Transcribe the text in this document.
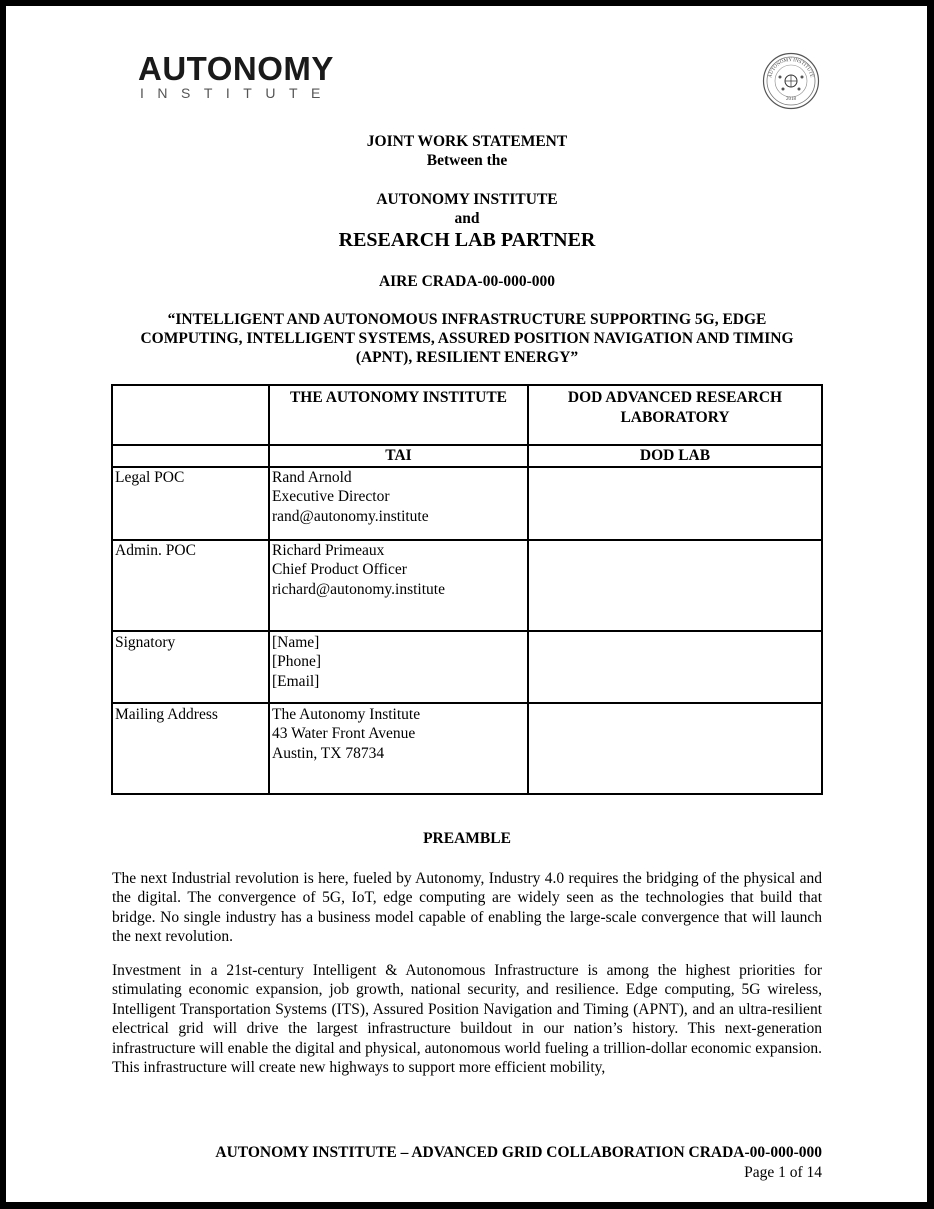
AUTONOMY
INSTITUTE
AUTONOMY INSTITUTE
2018
JOINT WORK STATEMENT
Between the
AUTONOMY INSTITUTE
and
RESEARCH LAB PARTNER
AIRE CRADA-00-000-000
“INTELLIGENT AND AUTONOMOUS INFRASTRUCTURE SUPPORTING 5G, EDGE
COMPUTING, INTELLIGENT SYSTEMS, ASSURED POSITION NAVIGATION AND TIMING
(APNT), RESILIENT ENERGY”
	THE AUTONOMY INSTITUTE	DOD ADVANCED RESEARCH LABORATORY
	TAI	DOD LAB
Legal POC	Rand Arnold
Executive Director
rand@autonomy.institute	

Admin. POC	Richard Primeaux
Chief Product Officer
richard@autonomy.institute	

Signatory	[Name]
[Phone]
[Email]	

Mailing Address	The Autonomy Institute
43 Water Front Avenue
Austin, TX 78734	

PREAMBLE

The next Industrial revolution is here, fueled by Autonomy, Industry 4.0 requires the bridging of the physical and the digital. The convergence of 5G, IoT, edge computing are widely seen as the technologies that build that bridge. No single industry has a business model capable of enabling the large-scale convergence that will launch the next revolution.

Investment in a 21st-century Intelligent & Autonomous Infrastructure is among the highest priorities for stimulating economic expansion, job growth, national security, and resilience. Edge computing, 5G wireless, Intelligent Transportation Systems (ITS), Assured Position Navigation and Timing (APNT), and an ultra-resilient electrical grid will drive the largest infrastructure buildout in our nation’s history. This next-generation infrastructure will enable the digital and physical, autonomous world fueling a trillion-dollar economic expansion. This infrastructure will create new highways to support more efficient mobility,

AUTONOMY INSTITUTE – ADVANCED GRID COLLABORATION CRADA-00-000-000
Page 1 of 14
